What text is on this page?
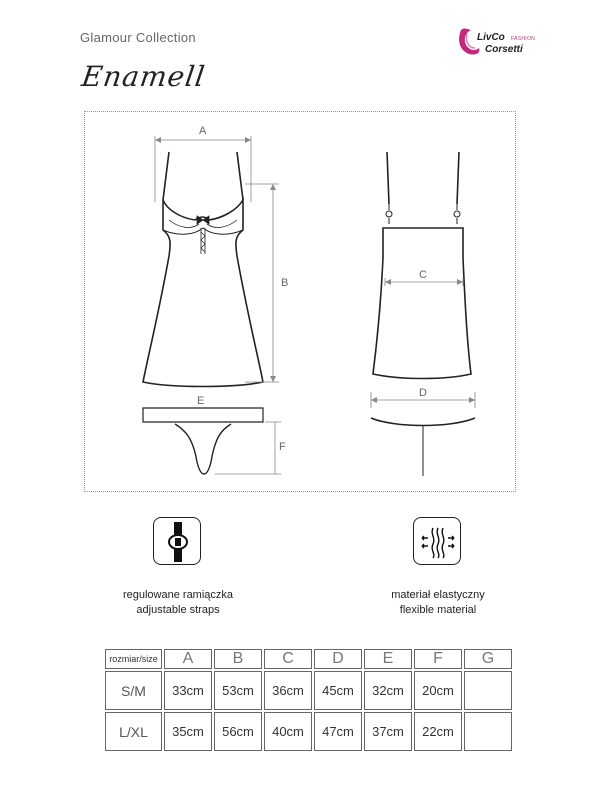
Glamour Collection
Enamell
LivCo FASHION
Corsetti
A
B
C
D
E
F
regulowane ramiączka
adjustable straps
materiał elastyczny
flexible material
rozmiar/size	A	B	C	D	E	F	G
S/M	33cm	53cm	36cm	45cm	32cm	20cm	
L/XL	35cm	56cm	40cm	47cm	37cm	22cm	
